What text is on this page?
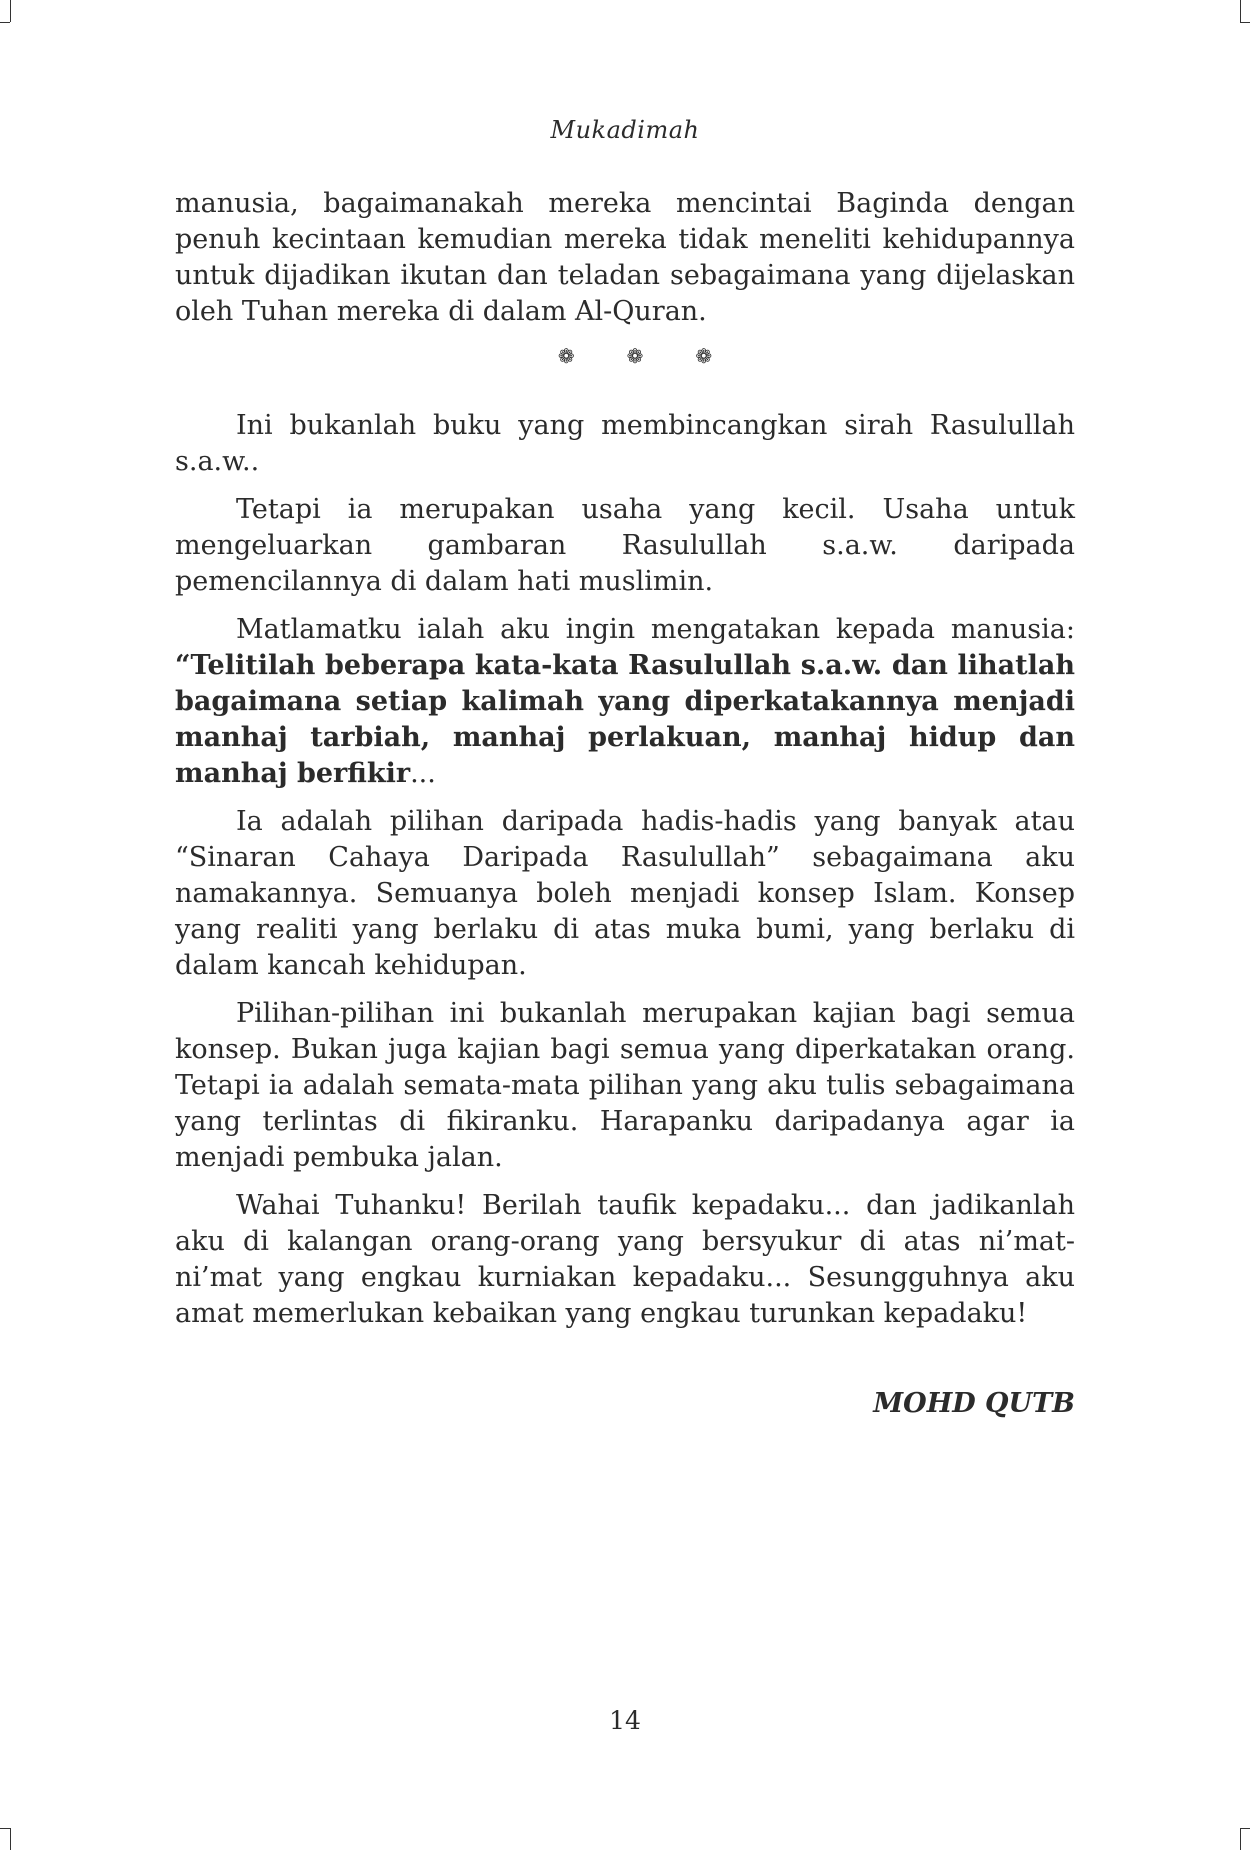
Mukadimah

manusia, bagaimanakah mereka mencintai Baginda dengan penuh kecintaan kemudian mereka tidak meneliti kehidupannya untuk dijadikan ikutan dan teladan sebagaimana yang dijelaskan oleh Tuhan mereka di dalam Al-Quran.

❁	❁	❁

Ini bukanlah buku yang membincangkan sirah Rasulullah s.a.w..

Tetapi ia merupakan usaha yang kecil. Usaha untuk mengeluarkan gambaran Rasulullah s.a.w. daripada pemencilannya di dalam hati muslimin.

Matlamatku ialah aku ingin mengatakan kepada manusia: “Telitilah beberapa kata-kata Rasulullah s.a.w. dan lihatlah bagaimana setiap kalimah yang diperkatakannya menjadi manhaj tarbiah, manhaj perlakuan, manhaj hidup dan manhaj berfikir...

Ia adalah pilihan daripada hadis-hadis yang banyak atau “Sinaran Cahaya Daripada Rasulullah” sebagaimana aku namakannya. Semuanya boleh menjadi konsep Islam. Konsep yang realiti yang berlaku di atas muka bumi, yang berlaku di dalam kancah kehidupan.

Pilihan-pilihan ini bukanlah merupakan kajian bagi semua konsep. Bukan juga kajian bagi semua yang diperkatakan orang. Tetapi ia adalah semata-mata pilihan yang aku tulis sebagaimana yang terlintas di fikiranku. Harapanku daripadanya agar ia menjadi pembuka jalan.

Wahai Tuhanku! Berilah taufik kepadaku... dan jadikanlah aku di kalangan orang-orang yang bersyukur di atas ni’mat-ni’mat yang engkau kurniakan kepadaku... Sesungguhnya aku amat memerlukan kebaikan yang engkau turunkan kepadaku!

MOHD QUTB
14
